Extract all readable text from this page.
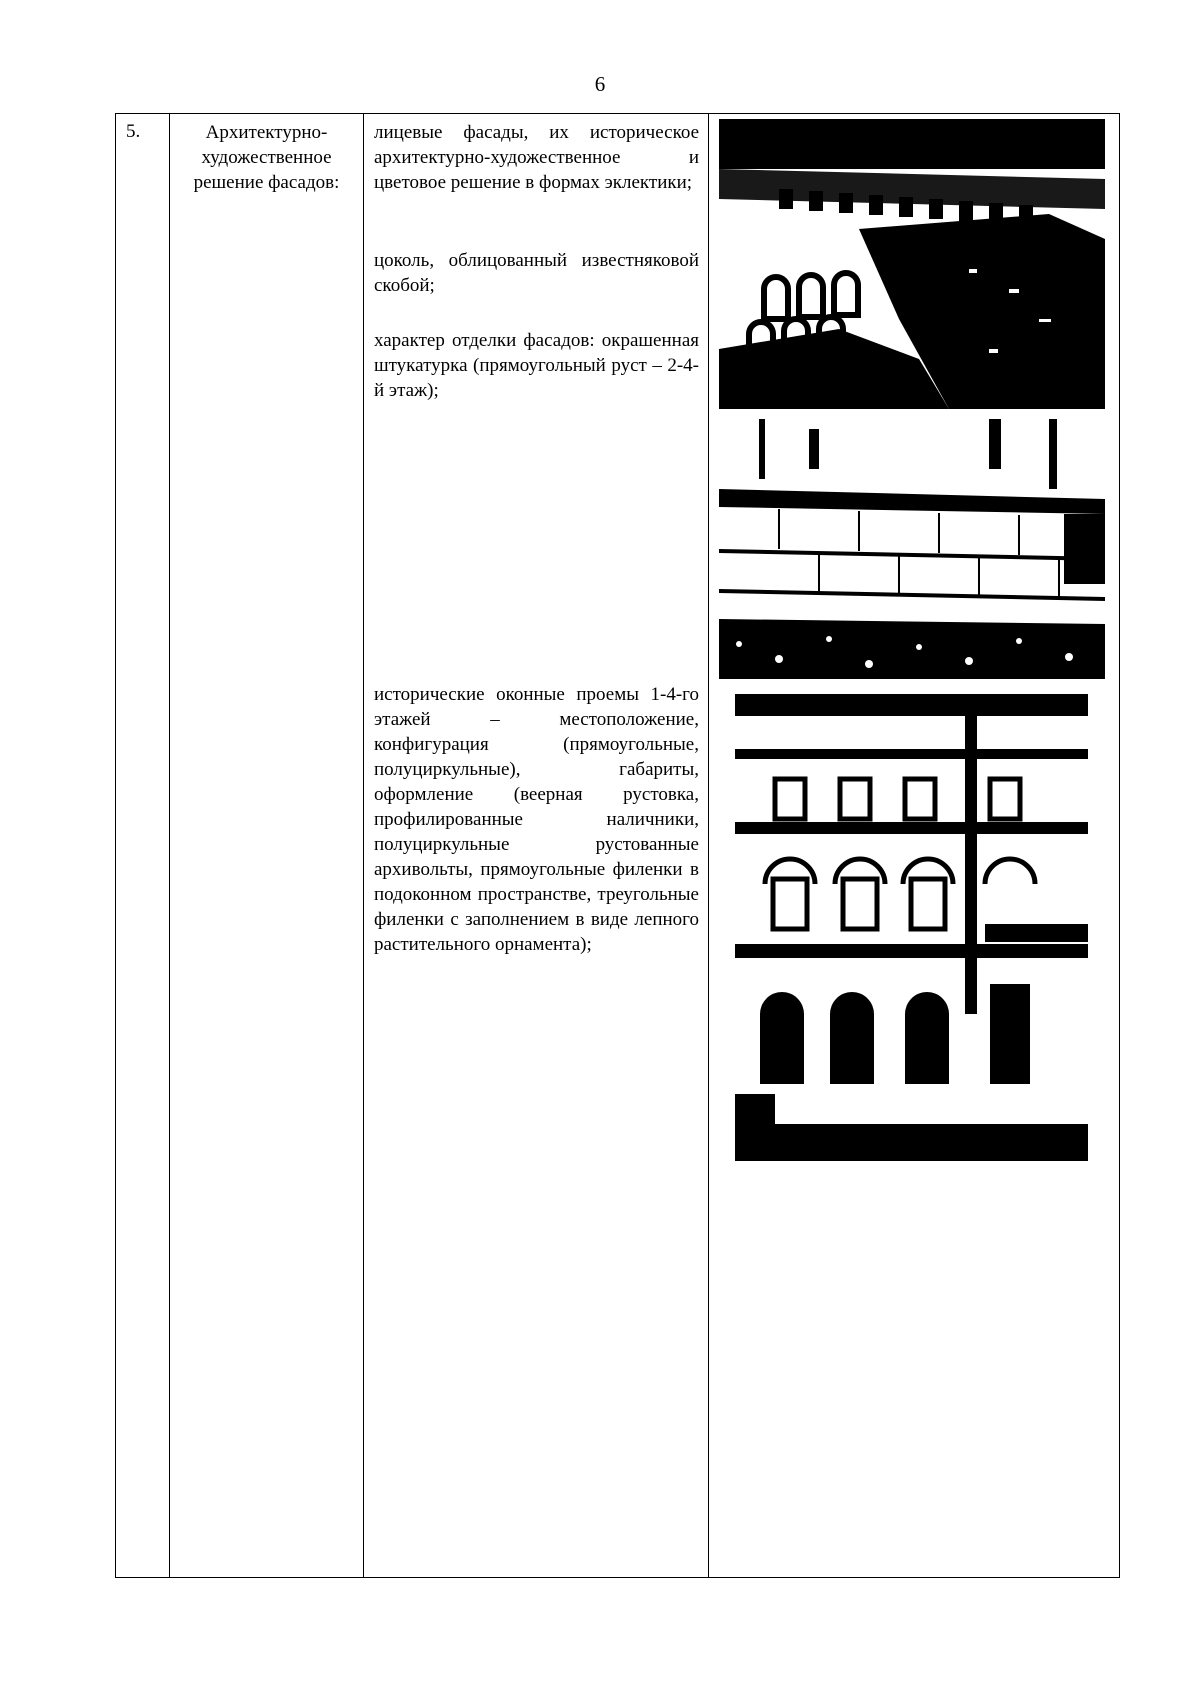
6
5.	Архитектурно-художественное решение фасадов:

лицевые фасады, их историческое архитектурно-художественное и цветовое решение в формах эклектики;

цоколь, облицованный известняковой скобой;

характер отделки фасадов: окрашенная штукатурка (прямоугольный руст – 2-4-й этаж);

исторические оконные проемы 1-4-го этажей – местоположение, конфигурация (прямоугольные, полуциркульные), габариты, оформление (веерная рустовка, профилированные наличники, полуциркульные рустованные архивольты, прямоугольные филенки в подоконном пространстве, треугольные филенки с заполнением в виде лепного растительного орнамента);
